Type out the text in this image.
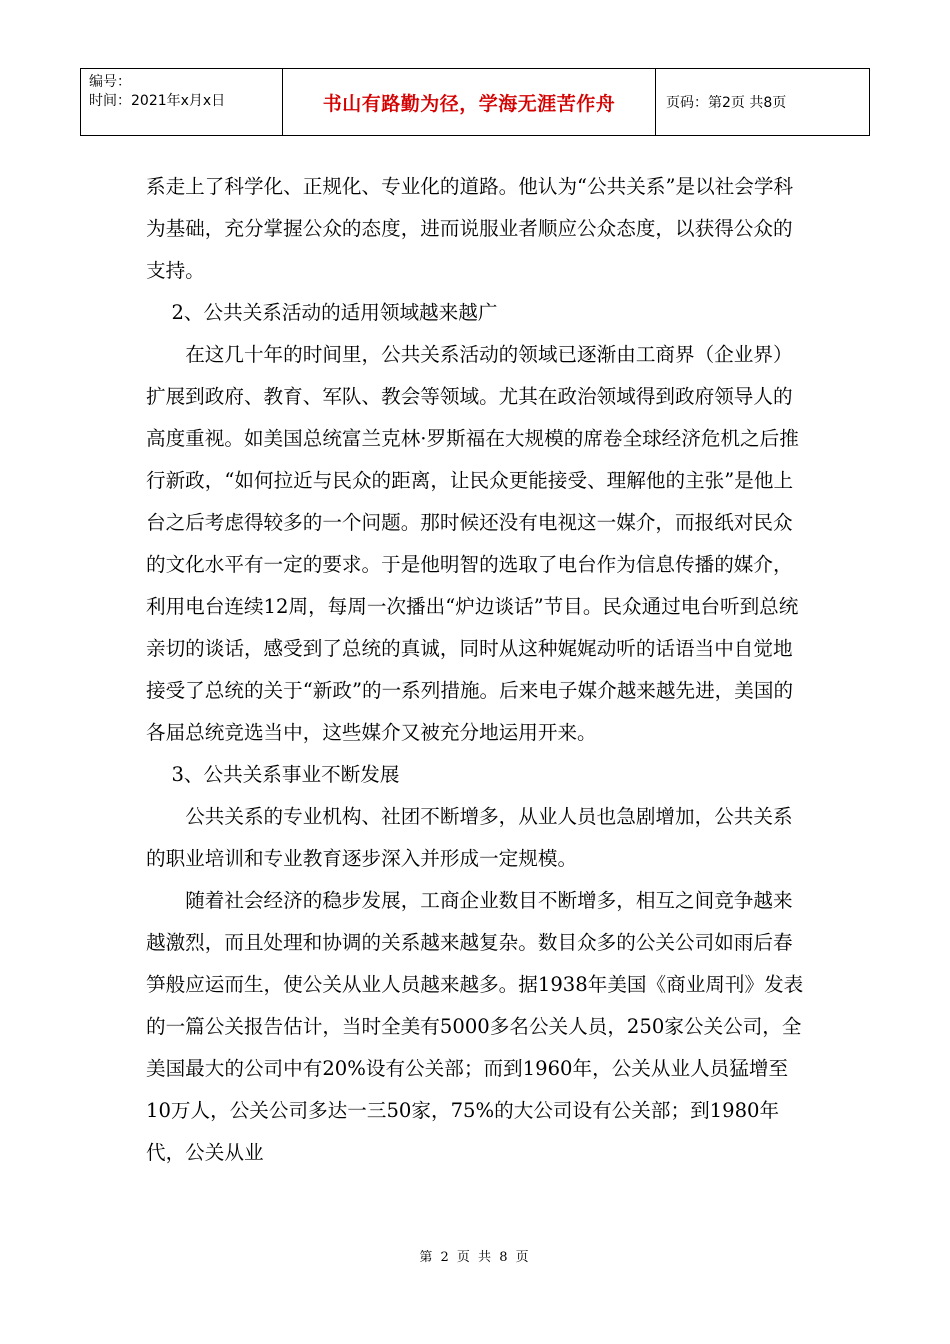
编号：
时间：2021年x月x日	书山有路勤为径，学海无涯苦作舟	页码：第2页 共8页

系走上了科学化、正规化、专业化的道路。他认为“公共关系”是以社会学科为基础，充分掌握公众的态度，进而说服业者顺应公众态度，以获得公众的支持。

2、公共关系活动的适用领域越来越广

在这几十年的时间里，公共关系活动的领域已逐渐由工商界（企业界）扩展到政府、教育、军队、教会等领域。尤其在政治领域得到政府领导人的高度重视。如美国总统富兰克林·罗斯福在大规模的席卷全球经济危机之后推行新政，“如何拉近与民众的距离，让民众更能接受、理解他的主张”是他上台之后考虑得较多的一个问题。那时候还没有电视这一媒介，而报纸对民众的文化水平有一定的要求。于是他明智的选取了电台作为信息传播的媒介，利用电台连续12周，每周一次播出“炉边谈话”节目。民众通过电台听到总统亲切的谈话，感受到了总统的真诚，同时从这种娓娓动听的话语当中自觉地接受了总统的关于“新政”的一系列措施。后来电子媒介越来越先进，美国的各届总统竞选当中，这些媒介又被充分地运用开来。

3、公共关系事业不断发展

公共关系的专业机构、社团不断增多，从业人员也急剧增加，公共关系的职业培训和专业教育逐步深入并形成一定规模。

随着社会经济的稳步发展，工商企业数目不断增多，相互之间竞争越来越激烈，而且处理和协调的关系越来越复杂。数目众多的公关公司如雨后春笋般应运而生，使公关从业人员越来越多。据1938年美国《商业周刊》发表的一篇公关报告估计，当时全美有5000多名公关人员，250家公关公司，全美国最大的公司中有20%设有公关部；而到1960年，公关从业人员猛增至10万人，公关公司多达一三50家，75%的大公司设有公关部；到1980年代，公关从业

第 2 页 共 8 页
